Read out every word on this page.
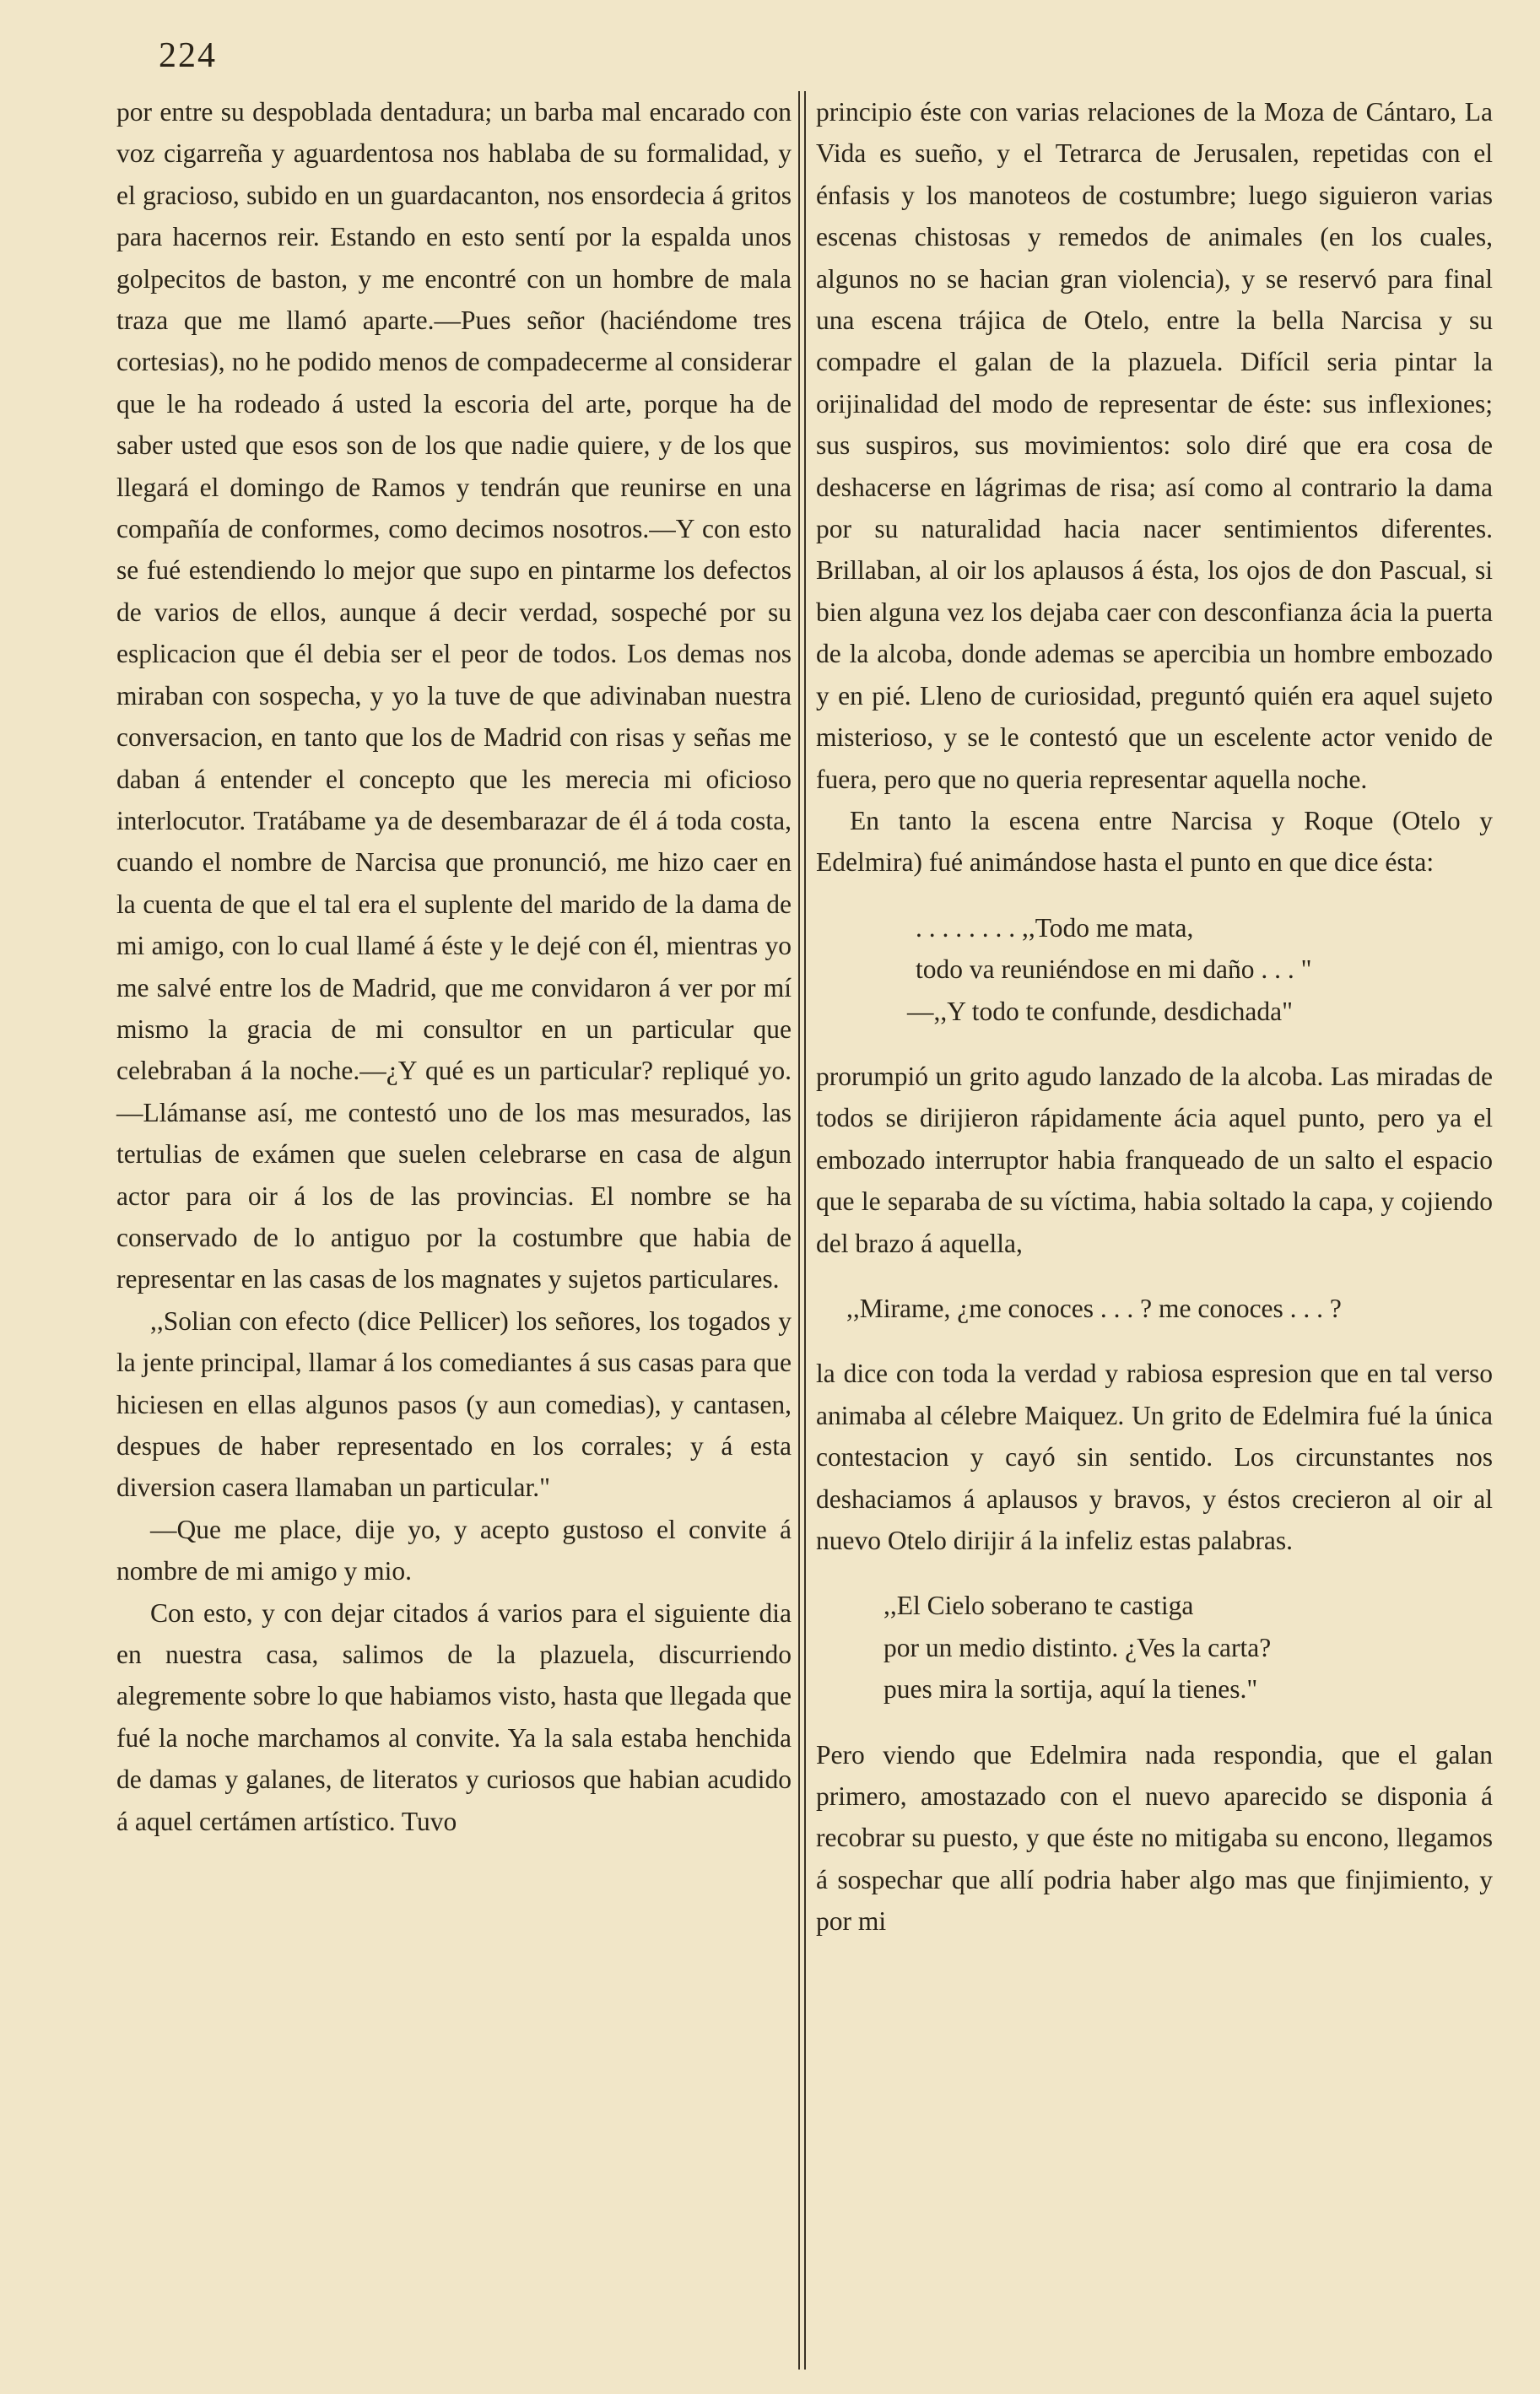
224

por entre su despoblada dentadura; un barba mal encarado con voz cigarreña y aguardentosa nos hablaba de su formalidad, y el gracioso, subido en un guardacanton, nos ensordecia á gritos para hacernos reir. Estando en esto sentí por la espalda unos golpecitos de baston, y me encontré con un hombre de mala traza que me llamó aparte.—Pues señor (haciéndome tres cortesias), no he podido menos de compadecerme al considerar que le ha rodeado á usted la escoria del arte, porque ha de saber usted que esos son de los que nadie quiere, y de los que llegará el domingo de Ramos y tendrán que reunirse en una compañía de conformes, como decimos nosotros.—Y con esto se fué estendiendo lo mejor que supo en pintarme los defectos de varios de ellos, aunque á decir verdad, sospeché por su esplicacion que él debia ser el peor de todos. Los demas nos miraban con sospecha, y yo la tuve de que adivinaban nuestra conversacion, en tanto que los de Madrid con risas y señas me daban á entender el concepto que les merecia mi oficioso interlocutor. Tratábame ya de desembarazar de él á toda costa, cuando el nombre de Narcisa que pronunció, me hizo caer en la cuenta de que el tal era el suplente del marido de la dama de mi amigo, con lo cual llamé á éste y le dejé con él, mientras yo me salvé entre los de Madrid, que me convidaron á ver por mí mismo la gracia de mi consultor en un particular que celebraban á la noche.—¿Y qué es un particular? repliqué yo.—Llámanse así, me contestó uno de los mas mesurados, las tertulias de exámen que suelen celebrarse en casa de algun actor para oir á los de las provincias. El nombre se ha conservado de lo antiguo por la costumbre que habia de representar en las casas de los magnates y sujetos particulares.

,,Solian con efecto (dice Pellicer) los señores, los togados y la jente principal, llamar á los comediantes á sus casas para que hiciesen en ellas algunos pasos (y aun comedias), y cantasen, despues de haber representado en los corrales; y á esta diversion casera llamaban un particular."

—Que me place, dije yo, y acepto gustoso el convite á nombre de mi amigo y mio.

Con esto, y con dejar citados á varios para el siguiente dia en nuestra casa, salimos de la plazuela, discurriendo alegremente sobre lo que habiamos visto, hasta que llegada que fué la noche marchamos al convite. Ya la sala estaba henchida de damas y galanes, de literatos y curiosos que habian acudido á aquel certámen artístico. Tuvo

principio éste con varias relaciones de la Moza de Cántaro, La Vida es sueño, y el Tetrarca de Jerusalen, repetidas con el énfasis y los manoteos de costumbre; luego siguieron varias escenas chistosas y remedos de animales (en los cuales, algunos no se hacian gran violencia), y se reservó para final una escena trájica de Otelo, entre la bella Narcisa y su compadre el galan de la plazuela. Difícil seria pintar la orijinalidad del modo de representar de éste: sus inflexiones; sus suspiros, sus movimientos: solo diré que era cosa de deshacerse en lágrimas de risa; así como al contrario la dama por su naturalidad hacia nacer sentimientos diferentes. Brillaban, al oir los aplausos á ésta, los ojos de don Pascual, si bien alguna vez los dejaba caer con desconfianza ácia la puerta de la alcoba, donde ademas se apercibia un hombre embozado y en pié. Lleno de curiosidad, preguntó quién era aquel sujeto misterioso, y se le contestó que un escelente actor venido de fuera, pero que no queria representar aquella noche.

En tanto la escena entre Narcisa y Roque (Otelo y Edelmira) fué animándose hasta el punto en que dice ésta:

. . . . . . . . ,,Todo me mata,
todo va reuniéndose en mi daño . . . "
—,,Y todo te confunde, desdichada"

prorumpió un grito agudo lanzado de la alcoba. Las miradas de todos se dirijieron rápidamente ácia aquel punto, pero ya el embozado interruptor habia franqueado de un salto el espacio que le separaba de su víctima, habia soltado la capa, y cojiendo del brazo á aquella,

,,Mirame, ¿me conoces . . . ? me conoces . . . ?

la dice con toda la verdad y rabiosa espresion que en tal verso animaba al célebre Maiquez. Un grito de Edelmira fué la única contestacion y cayó sin sentido. Los circunstantes nos deshaciamos á aplausos y bravos, y éstos crecieron al oir al nuevo Otelo dirijir á la infeliz estas palabras.

,,El Cielo soberano te castiga
por un medio distinto. ¿Ves la carta?
pues mira la sortija, aquí la tienes."

Pero viendo que Edelmira nada respondia, que el galan primero, amostazado con el nuevo aparecido se disponia á recobrar su puesto, y que éste no mitigaba su encono, llegamos á sospechar que allí podria haber algo mas que finjimiento, y por mi
